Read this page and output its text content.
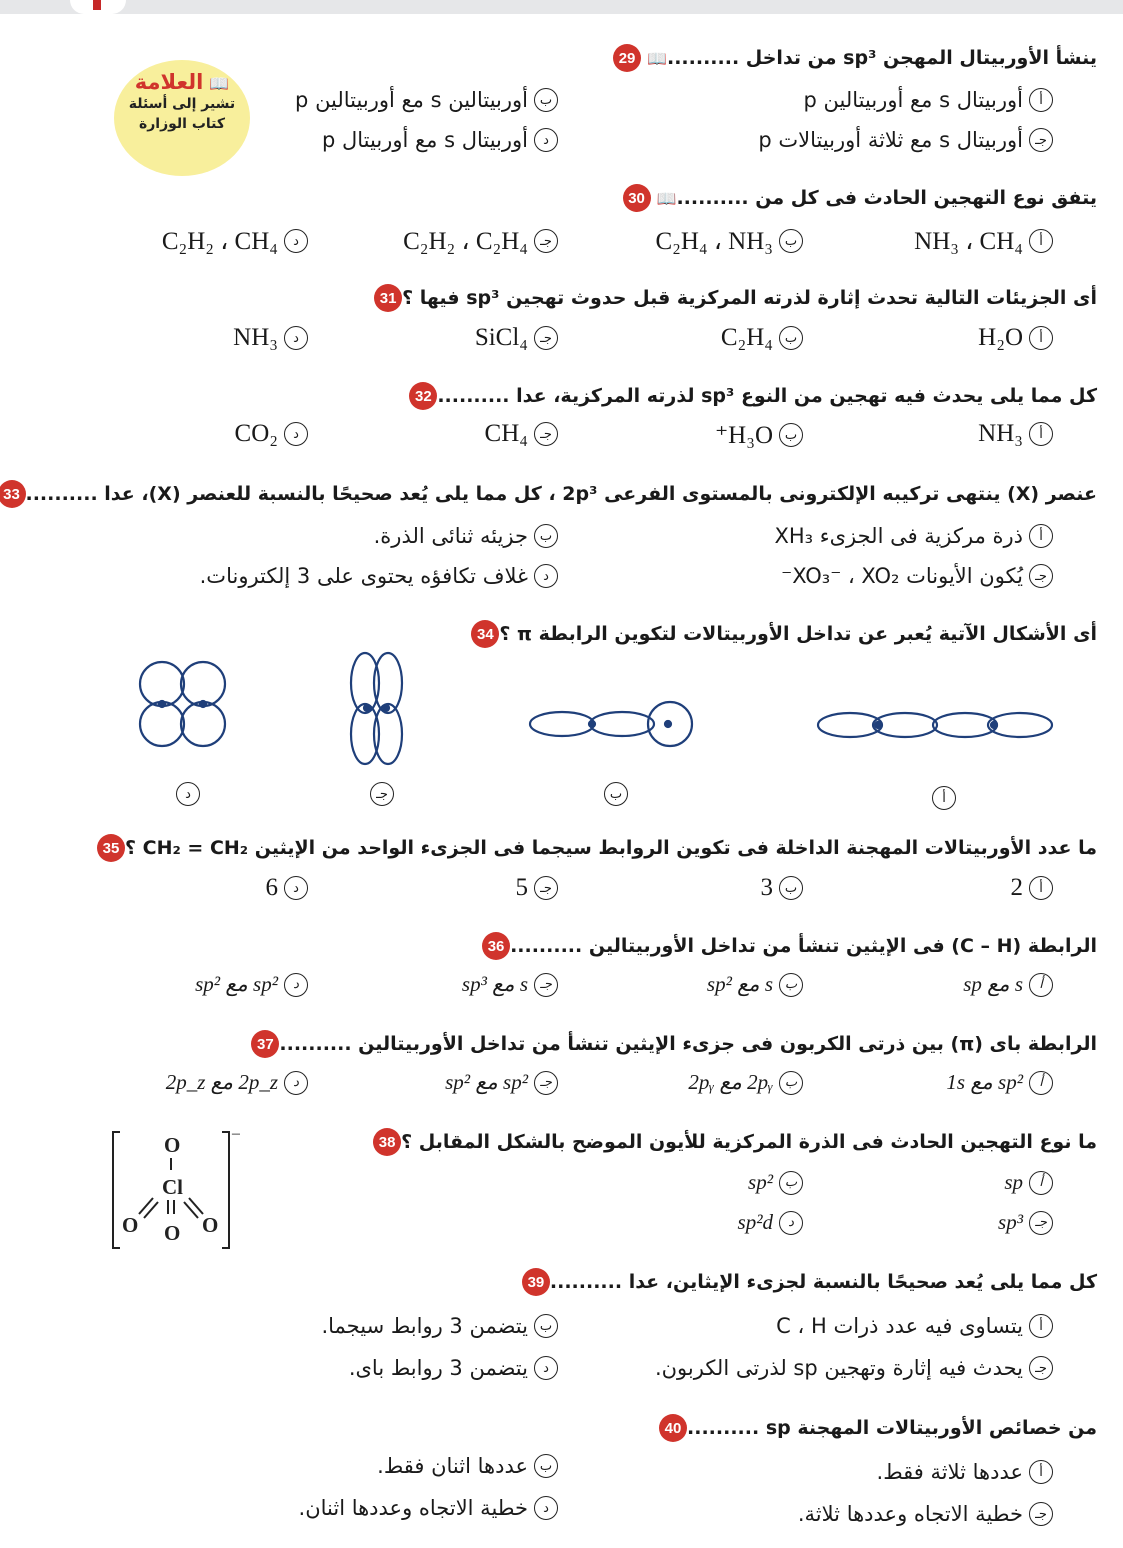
📖العلامة
تشير إلى أسئلة
كتاب الوزارة
29 📖 ينشأ الأوربيتال المهجن sp³ من تداخل ..........
أ
أوربيتال s مع أوربيتالين p
ب
أوربيتالين s مع أوربيتالين p
جـ
أوربيتال s مع ثلاثة أوربيتالات p
د
أوربيتال s مع أوربيتال p
30 📖 يتفق نوع التهجين الحادث فى كل من ..........
أ
NH₃ ، CH₄
ب
C₂H₄ ، NH₃
جـ
C₂H₂ ، C₂H₄
د
C₂H₂ ، CH₄
31 أى الجزيئات التالية تحدث إثارة لذرته المركزية قبل حدوث تهجين sp³ فيها ؟
أ
H₂O
ب
C₂H₄
جـ
SiCl₄
د
NH₃
32 كل مما يلى يحدث فيه تهجين من النوع sp³ لذرته المركزية، عدا ..........
أ
NH₃
ب
H₃O⁺
جـ
CH₄
د
CO₂
33 عنصر (X) ينتهى تركيبه الإلكترونى بالمستوى الفرعى 2p³ ، كل مما يلى يُعد صحيحًا بالنسبة للعنصر (X)، عدا ..........
أ
ذرة مركزية فى الجزىء XH₃
ب
جزيئه ثنائى الذرة.
جـ
يُكون الأيونات XO₃⁻ ، XO₂⁻
د
غلاف تكافؤه يحتوى على 3 إلكترونات.
34 أى الأشكال الآتية يُعبر عن تداخل الأوربيتالات لتكوين الرابطة π ؟
د	جـ	ب	أ
35 ما عدد الأوربيتالات المهجنة الداخلة فى تكوين الروابط سيجما فى الجزىء الواحد من الإيثين CH₂ = CH₂ ؟
أ
2
ب
3
جـ
5
د
6
36 الرابطة (C – H) فى الإيثين تنشأ من تداخل الأوربيتالين ..........
أ
s مع sp
ب
s مع sp²
جـ
s مع sp³
د
sp² مع sp²
37 الرابطة باى (π) بين ذرتى الكربون فى جزىء الإيثين تنشأ من تداخل الأوربيتالين ..........
أ
sp² مع 1s
ب
2pᵧ مع 2pᵧ
جـ
sp² مع sp²
د
2p_z مع 2p_z
38 ما نوع التهجين الحادث فى الذرة المركزية للأيون الموضح بالشكل المقابل ؟
أ
sp
ب
sp²
جـ
sp³
د
sp²d
–
O
Cl
O
O	O
39 كل مما يلى يُعد صحيحًا بالنسبة لجزىء الإيثاين، عدا ..........
أ
يتساوى فيه عدد ذرات C ، H
ب
يتضمن 3 روابط سيجما.
جـ
يحدث فيه إثارة وتهجين sp لذرتى الكربون.
د
يتضمن 3 روابط باى.
40 من خصائص الأوربيتالات المهجنة sp ..........
أ
عددها ثلاثة فقط.
ب
عددها اثنان فقط.
جـ
خطية الاتجاه وعددها ثلاثة.
د
خطية الاتجاه وعددها اثنان.
